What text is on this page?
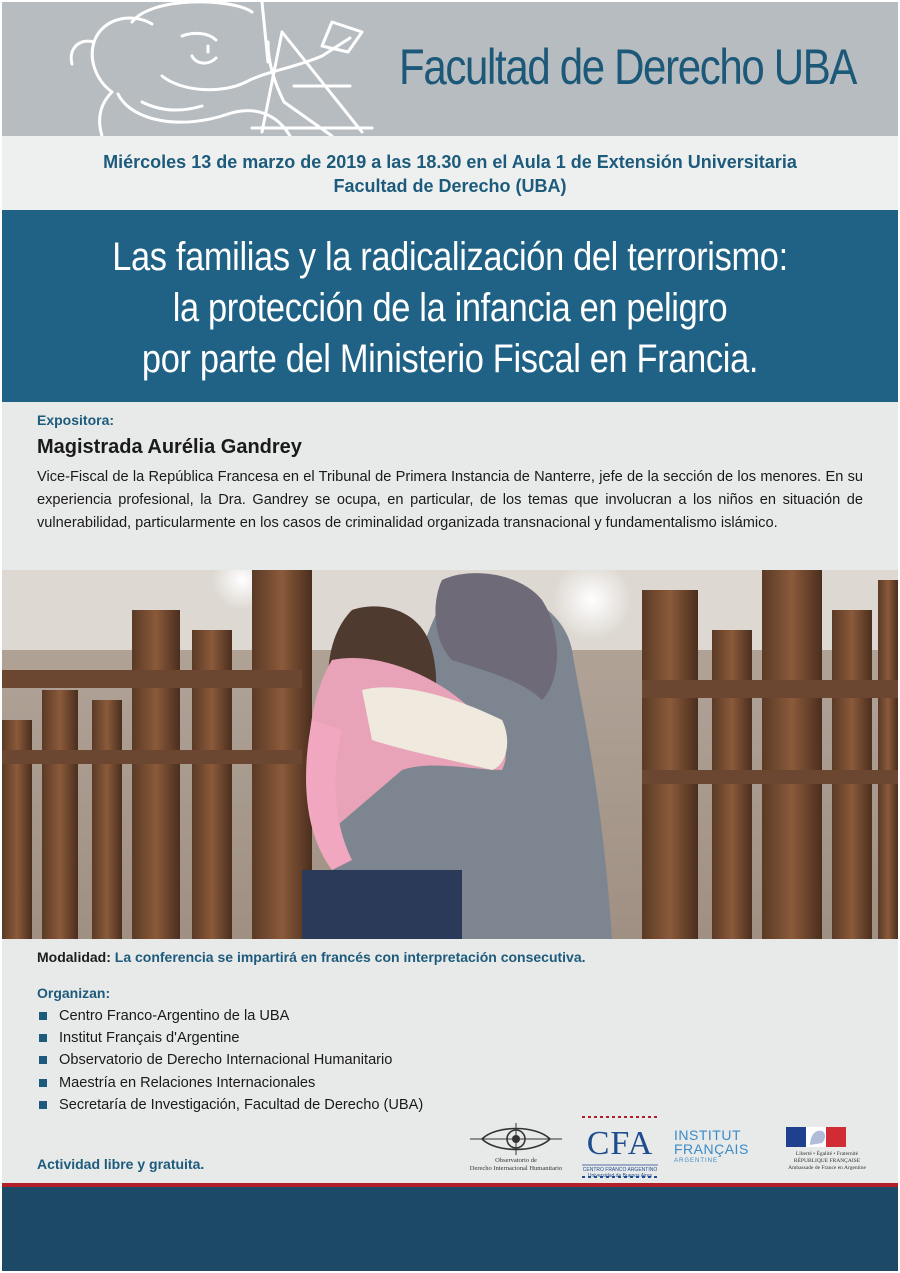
Facultad de Derecho UBA
Miércoles 13 de marzo de 2019 a las 18.30 en el Aula 1 de Extensión Universitaria
Facultad de Derecho (UBA)
Las familias y la radicalización del terrorismo:
la protección de la infancia en peligro
por parte del Ministerio Fiscal en Francia.
Expositora:
Magistrada Aurélia Gandrey
Vice-Fiscal de la República Francesa en el Tribunal de Primera Instancia de Nanterre, jefe de la sección de los menores. En su experiencia profesional, la Dra. Gandrey se ocupa, en particular, de los temas que involucran a los niños en situación de vulnerabilidad, particularmente en los casos de criminalidad organizada transnacional y fundamentalismo islámico.
Modalidad: La conferencia se impartirá en francés con interpretación consecutiva.
Organizan:
Centro Franco-Argentino de la UBA
Institut Français d'Argentine
Observatorio de Derecho Internacional Humanitario
Maestría en Relaciones Internacionales
Secretaría de Investigación, Facultad de Derecho (UBA)
Actividad libre y gratuita.	Observatorio de
Derecho Internacional Humanitario
CFA
CENTRO FRANCO ARGENTINO
Universidad de Buenos Aires
INSTITUT
FRANÇAIS
ARGENTINE
Liberté • Égalité • Fraternité
RÉPUBLIQUE FRANÇAISE
Ambassade de France en Argentine
